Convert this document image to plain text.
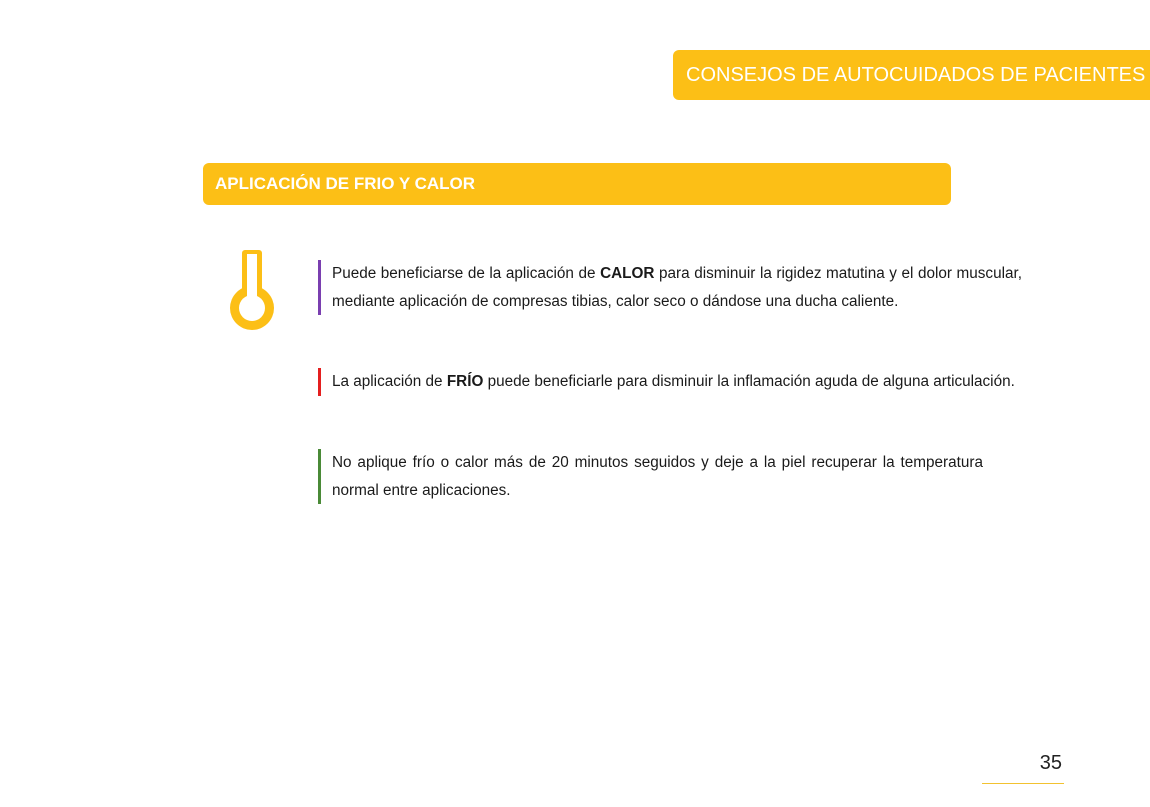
CONSEJOS DE AUTOCUIDADOS DE PACIENTES
APLICACIÓN DE FRIO Y CALOR
Puede beneficiarse de la aplicación de CALOR para disminuir la rigidez matutina y el dolor muscular, mediante aplicación de compresas tibias, calor seco o dándose una ducha caliente.
La aplicación de FRÍO puede beneficiarle para disminuir la inflamación aguda de alguna articulación.
No aplique frío o calor más de 20 minutos seguidos y deje a la piel recuperar la temperatura normal entre aplicaciones.
35
